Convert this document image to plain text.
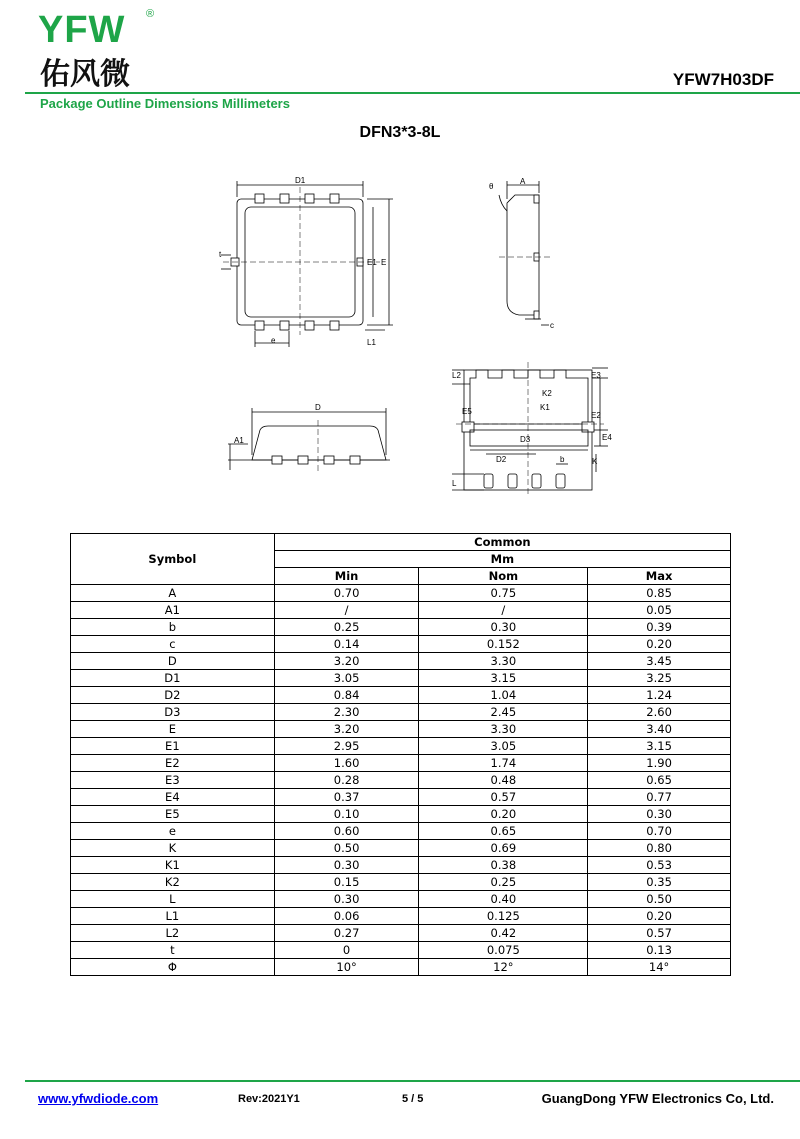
YFW ®
佑风微	YFW7H03DF
Package Outline Dimensions Millimeters
DFN3*3-8L
D1
E1 E
t
e	L1
θ
A
c
D
A1
L2	E3
K2
K1
E5	E2
D3	E4
D2	b	K
L
Symbol	Common		
	Mm		
	Min	Nom	Max
A	0.70	0.75	0.85
A1	/	/	0.05
b	0.25	0.30	0.39
c	0.14	0.152	0.20
D	3.20	3.30	3.45
D1	3.05	3.15	3.25
D2	0.84	1.04	1.24
D3	2.30	2.45	2.60
E	3.20	3.30	3.40
E1	2.95	3.05	3.15
E2	1.60	1.74	1.90
E3	0.28	0.48	0.65
E4	0.37	0.57	0.77
E5	0.10	0.20	0.30
e	0.60	0.65	0.70
K	0.50	0.69	0.80
K1	0.30	0.38	0.53
K2	0.15	0.25	0.35
L	0.30	0.40	0.50
L1	0.06	0.125	0.20
L2	0.27	0.42	0.57
t	0	0.075	0.13
Φ	10°	12°	14°
www.yfwdiode.com	Rev:2021Y1	5 / 5	GuangDong YFW Electronics Co, Ltd.
